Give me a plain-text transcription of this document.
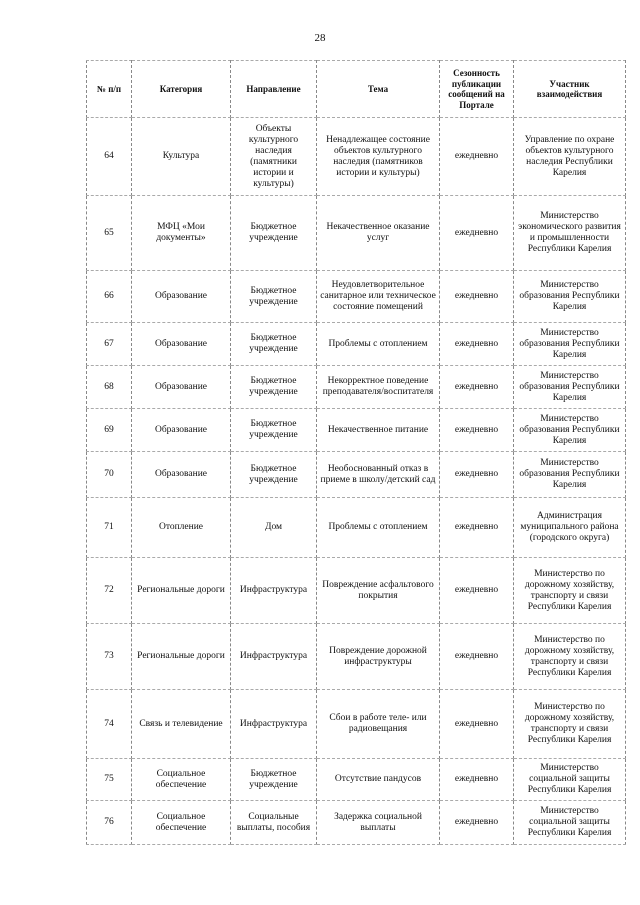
28
№ п/п	Категория	Направление	Тема	Сезонность публикации сообщений на Портале	Участник взаимодействия
64	Культура	Объекты культурного наследия (памятники истории и культуры)	Ненадлежащее состояние объектов культурного наследия (памятников истории и культуры)	ежедневно	Управление по охране объектов культурного наследия Республики Карелия
65	МФЦ «Мои документы»	Бюджетное учреждение	Некачественное оказание услуг	ежедневно	Министерство экономического развития и промышленности Республики Карелия
66	Образование	Бюджетное учреждение	Неудовлетворительное санитарное или техническое состояние помещений	ежедневно	Министерство образования Республики Карелия
67	Образование	Бюджетное учреждение	Проблемы с отоплением	ежедневно	Министерство образования Республики Карелия
68	Образование	Бюджетное учреждение	Некорректное поведение преподавателя/воспитателя	ежедневно	Министерство образования Республики Карелия
69	Образование	Бюджетное учреждение	Некачественное питание	ежедневно	Министерство образования Республики Карелия
70	Образование	Бюджетное учреждение	Необоснованный отказ в приеме в школу/детский сад	ежедневно	Министерство образования Республики Карелия
71	Отопление	Дом	Проблемы с отоплением	ежедневно	Администрация муниципального района (городского округа)
72	Региональные дороги	Инфраструктура	Повреждение асфальтового покрытия	ежедневно	Министерство по дорожному хозяйству, транспорту и связи Республики Карелия
73	Региональные дороги	Инфраструктура	Повреждение дорожной инфраструктуры	ежедневно	Министерство по дорожному хозяйству, транспорту и связи Республики Карелия
74	Связь и телевидение	Инфраструктура	Сбои в работе теле- или радиовещания	ежедневно	Министерство по дорожному хозяйству, транспорту и связи Республики Карелия
75	Социальное обеспечение	Бюджетное учреждение	Отсутствие пандусов	ежедневно	Министерство социальной защиты Республики Карелия
76	Социальное обеспечение	Социальные выплаты, пособия	Задержка социальной выплаты	ежедневно	Министерство социальной защиты Республики Карелия
